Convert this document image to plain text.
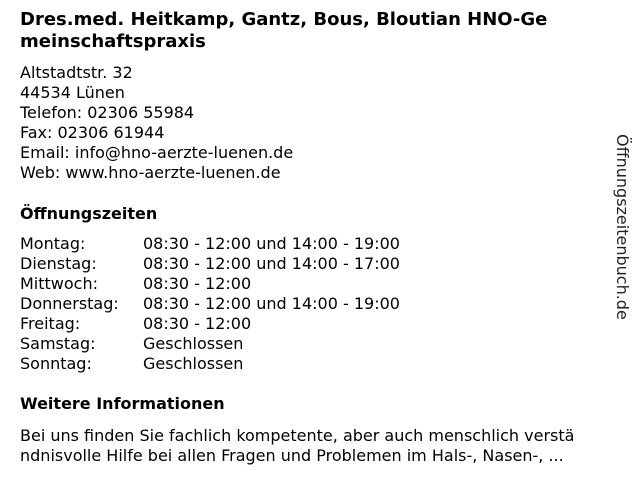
Dres.med. Heitkamp, Gantz, Bous, Bloutian HNO-Ge
meinschaftspraxis
Altstadtstr. 32
44534 Lünen
Telefon: 02306 55984
Fax: 02306 61944
Email: info@hno-aerzte-luenen.de
Web: www.hno-aerzte-luenen.de
Öffnungszeiten
Montag:	08:30 - 12:00 und 14:00 - 19:00
Dienstag:	08:30 - 12:00 und 14:00 - 17:00
Mittwoch:	08:30 - 12:00
Donnerstag: 08:30 - 12:00 und 14:00 - 19:00
Freitag:	08:30 - 12:00
Samstag:	Geschlossen
Sonntag:	Geschlossen
Weitere Informationen
Bei uns finden Sie fachlich kompetente, aber auch menschlich verstä
ndnisvolle Hilfe bei allen Fragen und Problemen im Hals-, Nasen-, ...
Öffnungszeitenbuch.de
